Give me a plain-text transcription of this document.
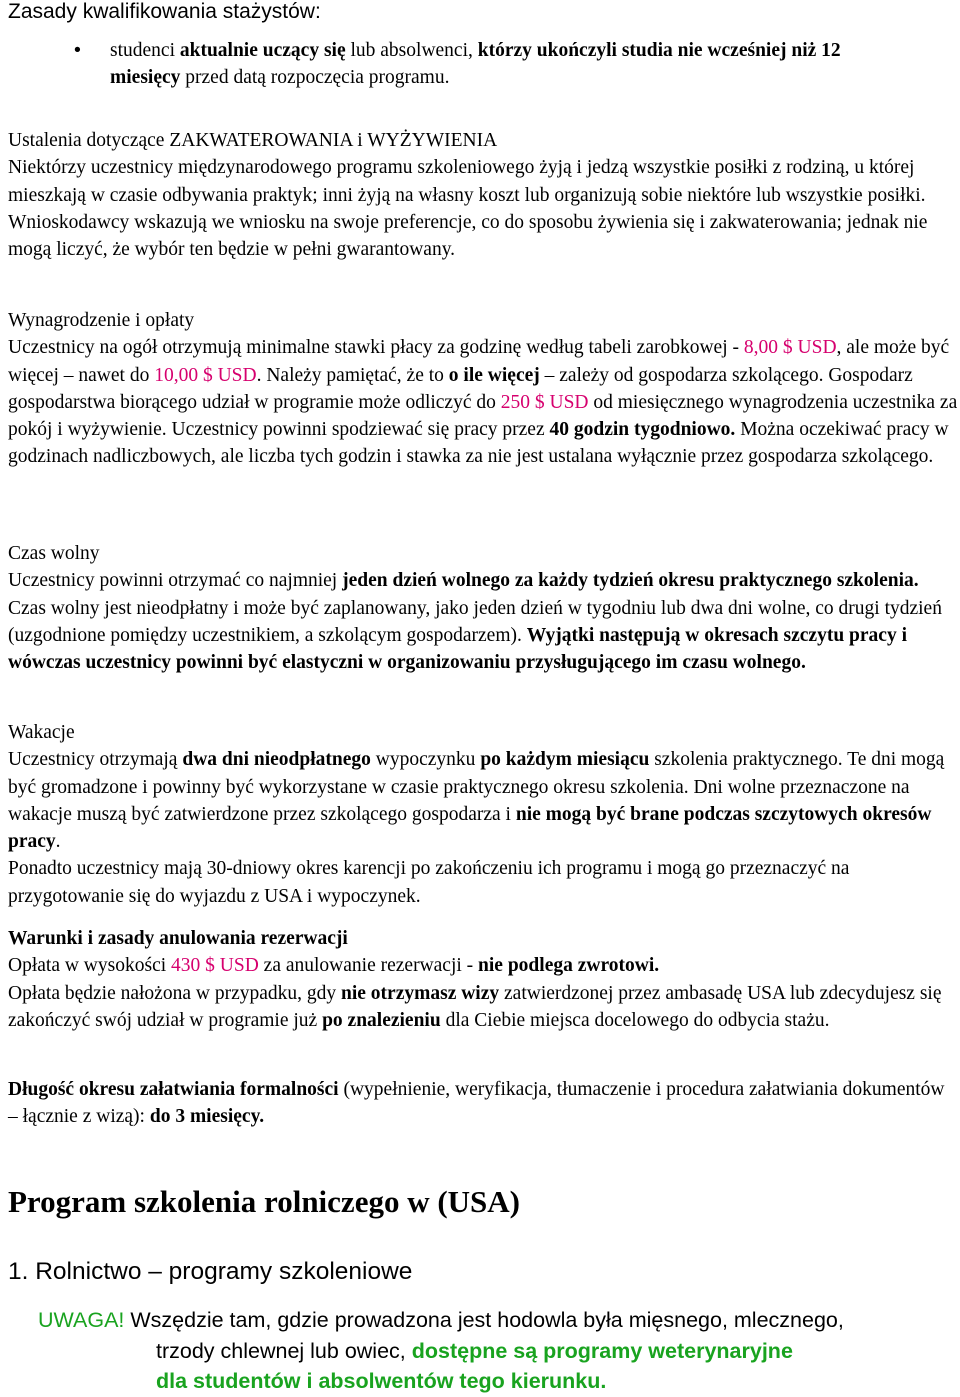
Zasady kwalifikowania stażystów:
• studenci aktualnie uczący się lub absolwenci, którzy ukończyli studia nie wcześniej niż 12 miesięcy przed datą rozpoczęcia programu.
Ustalenia dotyczące ZAKWATEROWANIA i WYŻYWIENIA
Niektórzy uczestnicy międzynarodowego programu szkoleniowego żyją i jedzą wszystkie posiłki z rodziną, u której mieszkają w czasie odbywania praktyk; inni żyją na własny koszt lub organizują sobie niektóre lub wszystkie posiłki. Wnioskodawcy wskazują we wniosku na swoje preferencje, co do sposobu żywienia się i zakwaterowania; jednak nie mogą liczyć, że wybór ten będzie w pełni gwarantowany.
Wynagrodzenie i opłaty
Uczestnicy na ogół otrzymują minimalne stawki płacy za godzinę według tabeli zarobkowej - 8,00 $ USD, ale może być więcej – nawet do 10,00 $ USD. Należy pamiętać, że to o ile więcej – zależy od gospodarza szkolącego. Gospodarz gospodarstwa biorącego udział w programie może odliczyć do 250 $ USD od miesięcznego wynagrodzenia uczestnika za pokój i wyżywienie. Uczestnicy powinni spodziewać się pracy przez 40 godzin tygodniowo. Można oczekiwać pracy w godzinach nadliczbowych, ale liczba tych godzin i stawka za nie jest ustalana wyłącznie przez gospodarza szkolącego.
Czas wolny
Uczestnicy powinni otrzymać co najmniej jeden dzień wolnego za każdy tydzień okresu praktycznego szkolenia. Czas wolny jest nieodpłatny i może być zaplanowany, jako jeden dzień w tygodniu lub dwa dni wolne, co drugi tydzień (uzgodnione pomiędzy uczestnikiem, a szkolącym gospodarzem). Wyjątki następują w okresach szczytu pracy i wówczas uczestnicy powinni być elastyczni w organizowaniu przysługującego im czasu wolnego.
Wakacje
Uczestnicy otrzymają dwa dni nieodpłatnego wypoczynku po każdym miesiącu szkolenia praktycznego. Te dni mogą być gromadzone i powinny być wykorzystane w czasie praktycznego okresu szkolenia. Dni wolne przeznaczone na wakacje muszą być zatwierdzone przez szkolącego gospodarza i nie mogą być brane podczas szczytowych okresów pracy.
Ponadto uczestnicy mają 30-dniowy okres karencji po zakończeniu ich programu i mogą go przeznaczyć na przygotowanie się do wyjazdu z USA i wypoczynek.
Warunki i zasady anulowania rezerwacji
Opłata w wysokości 430 $ USD za anulowanie rezerwacji - nie podlega zwrotowi.
Opłata będzie nałożona w przypadku, gdy nie otrzymasz wizy zatwierdzonej przez ambasadę USA lub zdecydujesz się zakończyć swój udział w programie już po znalezieniu dla Ciebie miejsca docelowego do odbycia stażu.
Długość okresu załatwiania formalności (wypełnienie, weryfikacja, tłumaczenie i procedura załatwiania dokumentów – łącznie z wizą): do 3 miesięcy.
Program szkolenia rolniczego w (USA)
1. Rolnictwo – programy szkoleniowe
UWAGA! Wszędzie tam, gdzie prowadzona jest hodowla była mięsnego, mlecznego,
trzody chlewnej lub owiec, dostępne są programy weterynaryjne
dla studentów i absolwentów tego kierunku.
